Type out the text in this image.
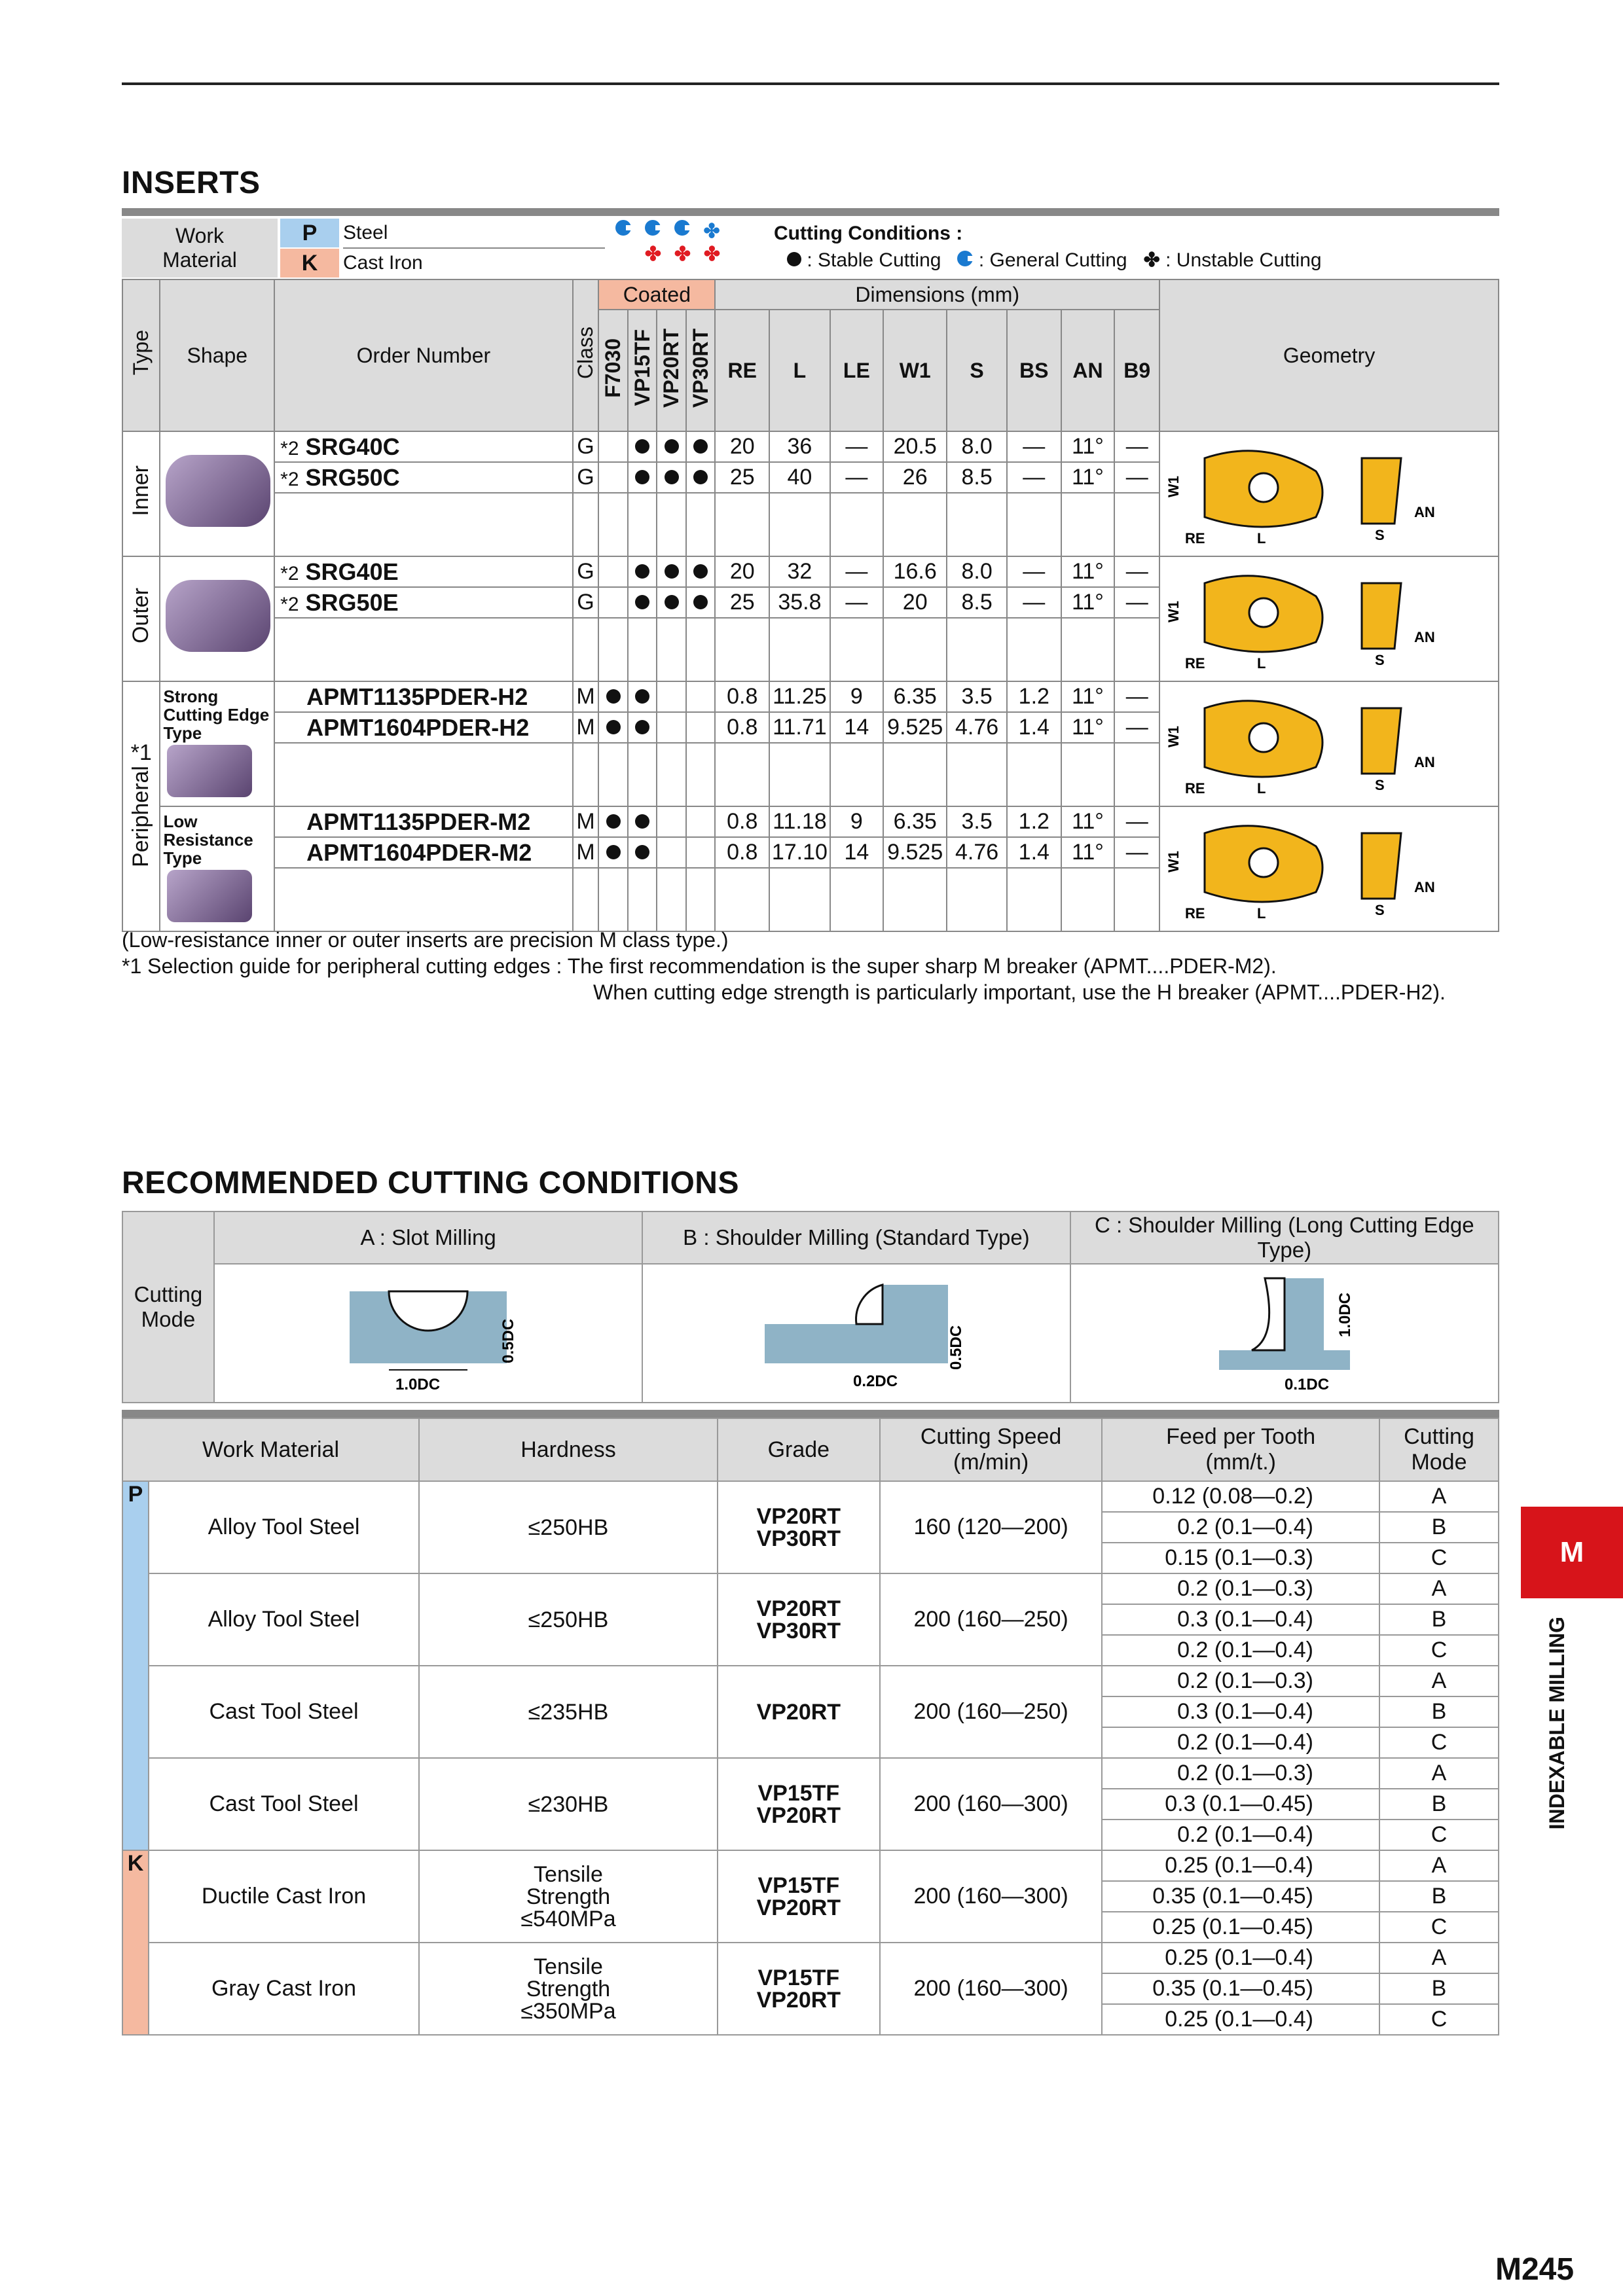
INSERTS
Work Material
P	Steel
K	Cast Iron
✤
✤ ✤ ✤
Cutting Conditions :
: Stable Cutting : General Cutting ✤ : Unstable Cutting
Type	Shape	Order Number	Class	Coated				Dimensions (mm)								Geometry
				F7030	VP15TF	VP20RT	VP30RT	RE	L	LE	W1	S	BS	AN	B9	
Inner		*2 SRG40C	G					20	36	—	20.5	8.0	—	11°	—	W1
RE L S
AN

		*2 SRG50C	G					25	40	—	26	8.5	—	11°	—	

Outer		*2 SRG40E	G					20	32	—	16.6	8.0	—	11°	—	W1
RE L S
AN

		*2 SRG50E	G					25	35.8	—	20	8.5	—	11°	—	

*1
Peripheral	Strong Cutting Edge Type	APMT1135PDER-H2	M					0.8	11.25	9	6.35	3.5	1.2	11°	—	W1
RE L S
AN

		APMT1604PDER-H2	M					0.8	11.71	14	9.525	4.76	1.4	11°	—	

	Low Resistance Type	APMT1135PDER-M2	M					0.8	11.18	9	6.35	3.5	1.2	11°	—	W1
RE L S
AN

		APMT1604PDER-M2	M					0.8	17.10	14	9.525	4.76	1.4	11°	—	

(Low-resistance inner or outer inserts are precision M class type.)
*1 Selection guide for peripheral cutting edges : The first recommendation is the super sharp M breaker (APMT....PDER-M2).
When cutting edge strength is particularly important, use the H breaker (APMT....PDER-H2).
RECOMMENDED CUTTING CONDITIONS
Cutting Mode	A : Slot Milling	B : Shoulder Milling (Standard Type)	C : Shoulder Milling (Long Cutting Edge Type)

1.0DC
0.5DC	0.2DC
0.5DC	0.1DC
1.0DC
Work Material		Hardness	Grade	Cutting Speed (m/min)	Feed per Tooth (mm/t.)	Cutting Mode
P	Alloy Tool Steel	≤250HB	VP20RT VP30RT	160 (120—200)	0.12 (0.08—0.2)	A
					0.2 (0.1—0.4)	B
					0.15 (0.1—0.3)	C
	Alloy Tool Steel	≤250HB	VP20RT VP30RT	200 (160—250)	0.2 (0.1—0.3)	A
					0.3 (0.1—0.4)	B
					0.2 (0.1—0.4)	C
	Cast Tool Steel	≤235HB	VP20RT	200 (160—250)	0.2 (0.1—0.3)	A
					0.3 (0.1—0.4)	B
					0.2 (0.1—0.4)	C
	Cast Tool Steel	≤230HB	VP15TF VP20RT	200 (160—300)	0.2 (0.1—0.3)	A
					0.3 (0.1—0.45)	B
					0.2 (0.1—0.4)	C
K	Ductile Cast Iron	Tensile Strength ≤540MPa	VP15TF VP20RT	200 (160—300)	0.25 (0.1—0.4)	A
					0.35 (0.1—0.45)	B
					0.25 (0.1—0.45)	C
	Gray Cast Iron	Tensile Strength ≤350MPa	VP15TF VP20RT	200 (160—300)	0.25 (0.1—0.4)	A
					0.35 (0.1—0.45)	B
					0.25 (0.1—0.4)	C
M
INDEXABLE MILLING
M245
